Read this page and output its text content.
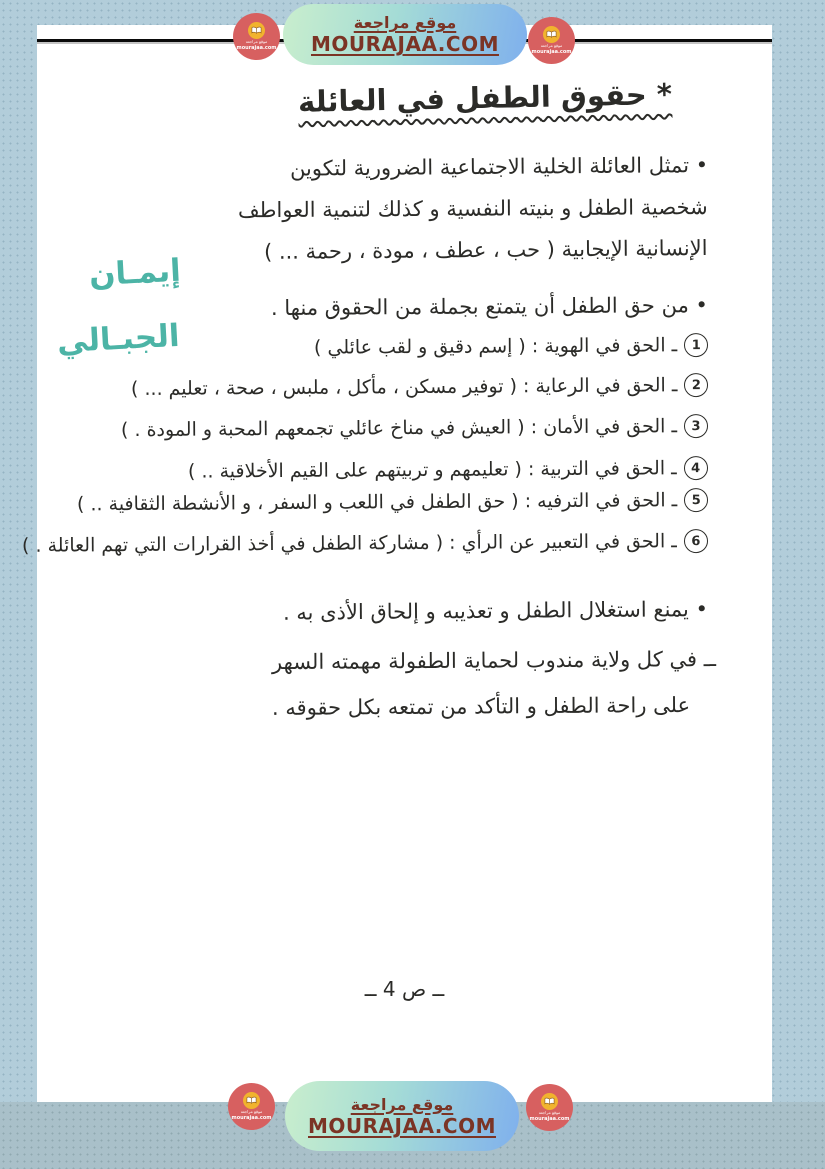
* حقوق الطفل في العائلة
• تمثل العائلة الخلية الاجتماعية الضرورية لتكوين
شخصية الطفل و بنيته النفسية و كذلك لتنمية العواطف
الإنسانية الإيجابية ( حب ، عطف ، مودة ، رحمة ... )
• من حق الطفل أن يتمتع بجملة من الحقوق منها .
1
ـ الحق في الهوية : ( إسم دقيق و لقب عائلي )
2
ـ الحق في الرعاية : ( توفير مسكن ، مأكل ، ملبس ، صحة ، تعليم ... )
3
ـ الحق في الأمان : ( العيش في مناخ عائلي تجمعهم المحبة و المودة . )
4
ـ الحق في التربية : ( تعليمهم و تربيتهم على القيم الأخلاقية .. )
5
ـ الحق في الترفيه : ( حق الطفل في اللعب و السفر ، و الأنشطة الثقافية .. )
6
ـ الحق في التعبير عن الرأي : ( مشاركة الطفل في أخذ القرارات التي تهم العائلة . )
• يمنع استغلال الطفل و تعذيبه و إلحاق الأذى به .
ــ في كل ولاية مندوب لحماية الطفولة مهمته السهر
على راحة الطفل و التأكد من تمتعه بكل حقوقه .
ــ ص 4 ــ
إيمـان
الجبـالي
موقع مراجعة
MOURAJAA.COM
موقع مراجعة
MOURAJAA.COM
موقع مراجعة
mourajaa.com	موقع مراجعة
mourajaa.com
موقع مراجعة
mourajaa.com
موقع مراجعة
mourajaa.com
